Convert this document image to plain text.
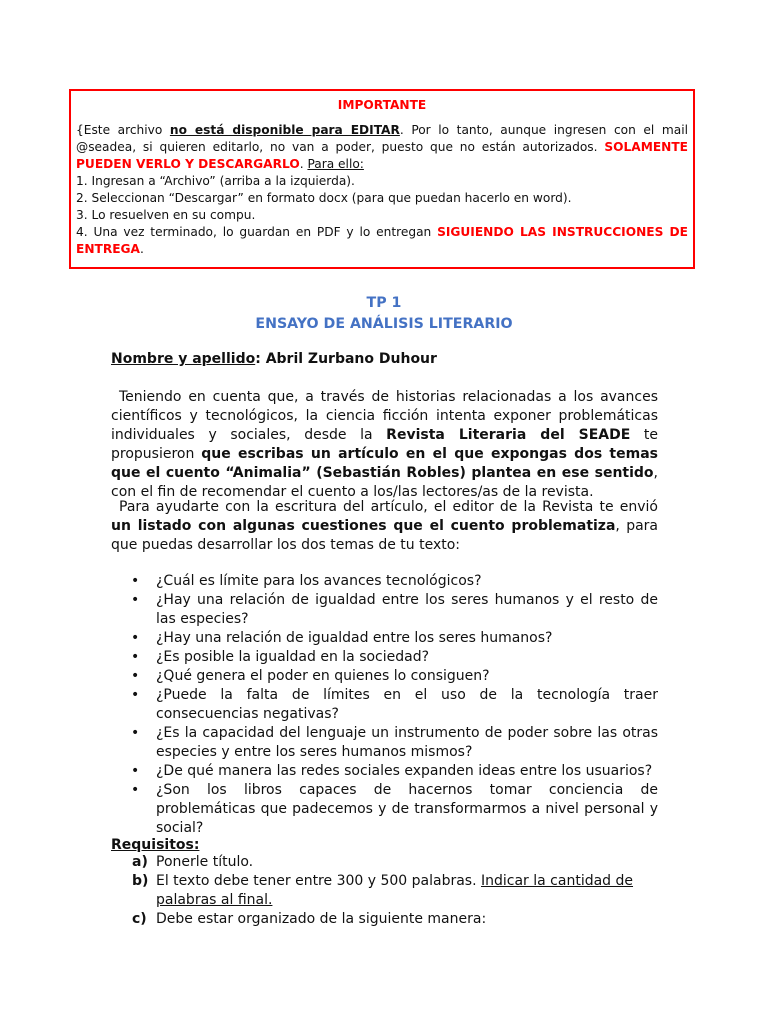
IMPORTANTE

{Este archivo no está disponible para EDITAR. Por lo tanto, aunque ingresen con el mail @seadea, si quieren editarlo, no van a poder, puesto que no están autorizados. SOLAMENTE PUEDEN VERLO Y DESCARGARLO. Para ello:

1. Ingresan a “Archivo” (arriba a la izquierda).

2. Seleccionan “Descargar” en formato docx (para que puedan hacerlo en word).

3. Lo resuelven en su compu.

4. Una vez terminado, lo guardan en PDF y lo entregan SIGUIENDO LAS INSTRUCCIONES DE ENTREGA.

TP 1
ENSAYO DE ANÁLISIS LITERARIO
Nombre y apellido: Abril Zurbano Duhour
Teniendo en cuenta que, a través de historias relacionadas a los avances científicos y tecnológicos, la ciencia ficción intenta exponer problemáticas individuales y sociales, desde la Revista Literaria del SEADE te propusieron que escribas un artículo en el que expongas dos temas que el cuento “Animalia” (Sebastián Robles) plantea en ese sentido, con el fin de recomendar el cuento a los/las lectores/as de la revista.
Para ayudarte con la escritura del artículo, el editor de la Revista te envió un listado con algunas cuestiones que el cuento problematiza, para que puedas desarrollar los dos temas de tu texto:
• ¿Cuál es límite para los avances tecnológicos?
• ¿Hay una relación de igualdad entre los seres humanos y el resto de las especies?
• ¿Hay una relación de igualdad entre los seres humanos?
• ¿Es posible la igualdad en la sociedad?
• ¿Qué genera el poder en quienes lo consiguen?
• ¿Puede la falta de límites en el uso de la tecnología traer consecuencias negativas?
• ¿Es la capacidad del lenguaje un instrumento de poder sobre las otras especies y entre los seres humanos mismos?
• ¿De qué manera las redes sociales expanden ideas entre los usuarios?
• ¿Son los libros capaces de hacernos tomar conciencia de problemáticas que padecemos y de transformarmos a nivel personal y social?
Requisitos:
a) Ponerle título.
b) El texto debe tener entre 300 y 500 palabras. Indicar la cantidad de palabras al final.
c) Debe estar organizado de la siguiente manera:
